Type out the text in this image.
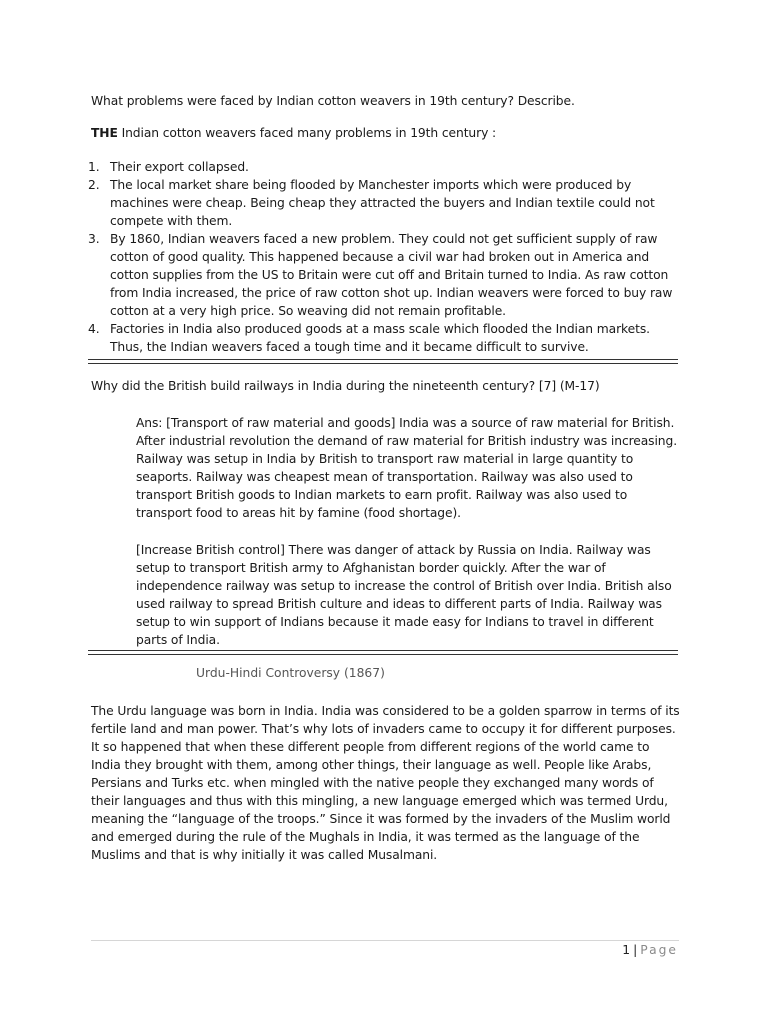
What problems were faced by Indian cotton weavers in 19th century? Describe.
THE Indian cotton weavers faced many problems in 19th century :
1. Their export collapsed.
2. The local market share being flooded by Manchester imports which were produced by machines were cheap. Being cheap they attracted the buyers and Indian textile could not compete with them.
3. By 1860, Indian weavers faced a new problem. They could not get sufficient supply of raw cotton of good quality. This happened because a civil war had broken out in America and cotton supplies from the US to Britain were cut off and Britain turned to India. As raw cotton from India increased, the price of raw cotton shot up. Indian weavers were forced to buy raw cotton at a very high price. So weaving did not remain profitable.
4. Factories in India also produced goods at a mass scale which flooded the Indian markets. Thus, the Indian weavers faced a tough time and it became difficult to survive.
Why did the British build railways in India during the nineteenth century? [7] (M-17)
Ans: [Transport of raw material and goods] India was a source of raw material for British. After industrial revolution the demand of raw material for British industry was increasing. Railway was setup in India by British to transport raw material in large quantity to seaports. Railway was cheapest mean of transportation. Railway was also used to transport British goods to Indian markets to earn profit. Railway was also used to transport food to areas hit by famine (food shortage).
[Increase British control] There was danger of attack by Russia on India. Railway was setup to transport British army to Afghanistan border quickly. After the war of independence railway was setup to increase the control of British over India. British also used railway to spread British culture and ideas to different parts of India. Railway was setup to win support of Indians because it made easy for Indians to travel in different parts of India.
Urdu-Hindi Controversy (1867)
The Urdu language was born in India. India was considered to be a golden sparrow in terms of its fertile land and man power. That’s why lots of invaders came to occupy it for different purposes. It so happened that when these different people from different regions of the world came to India they brought with them, among other things, their language as well. People like Arabs, Persians and Turks etc. when mingled with the native people they exchanged many words of their languages and thus with this mingling, a new language emerged which was termed Urdu, meaning the “language of the troops.” Since it was formed by the invaders of the Muslim world and emerged during the rule of the Mughals in India, it was termed as the language of the Muslims and that is why initially it was called Musalmani.
1 | Page
